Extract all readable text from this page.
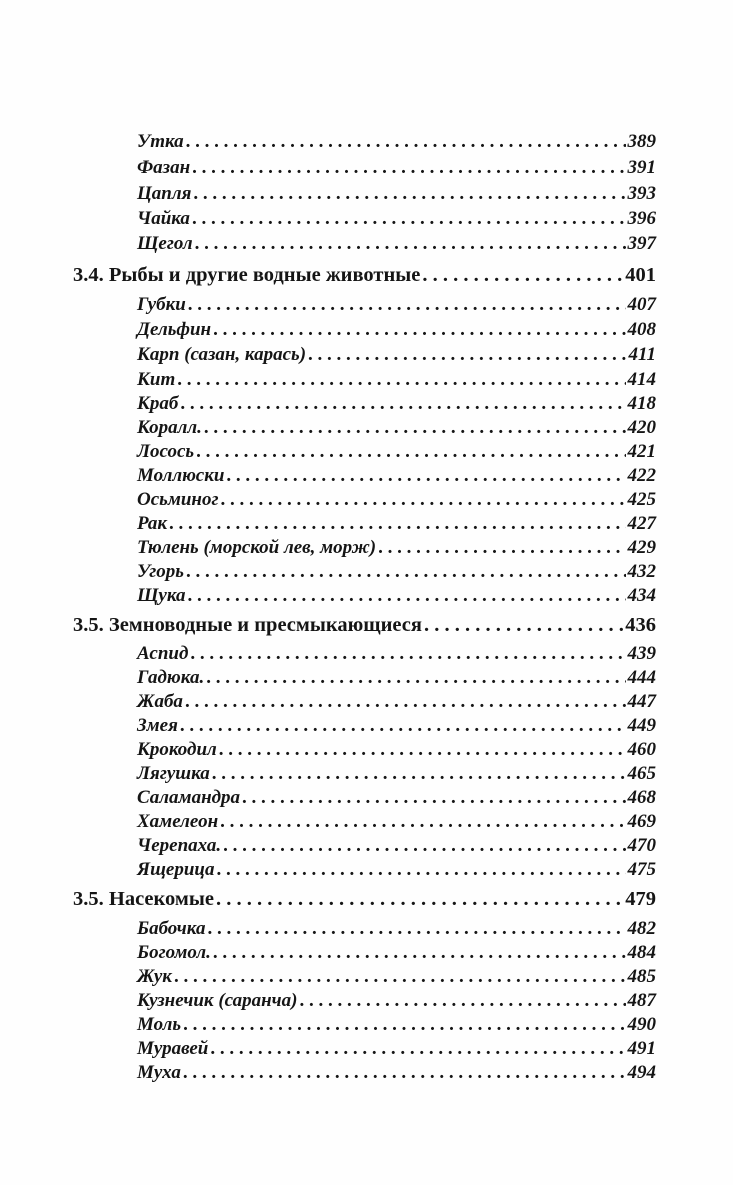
Утка . . .	389
Фазан . . .	391
Цапля . . .	393
Чайка . . .	396
Щегол . . .	397
3.4. Рыбы и другие водные животные . . .	401
Губки . . .	407
Дельфин . . .	408
Карп (сазан, карась) . . .	411
Кит . . .	414
Краб . . .	418
Коралл. . . .	420
Лосось . . .	421
Моллюски . . .	422
Осьминог . . .	425
Рак . . .	427
Тюлень (морской лев, морж) . . .	429
Угорь . . .	432
Щука . . .	434
3.5. Земноводные и пресмыкающиеся . . .	436
Аспид . . .	439
Гадюка. . . .	444
Жаба . . .	447
Змея . . .	449
Крокодил . . .	460
Лягушка . . .	465
Саламандра . . .	468
Хамелеон . . .	469
Черепаха. . . .	470
Ящерица . . .	475
3.5. Насекомые . . .	479
Бабочка . . .	482
Богомол. . . .	484
Жук . . .	485
Кузнечик (саранча) . . .	487
Моль . . .	490
Муравей . . .	491
Муха . . .	494
